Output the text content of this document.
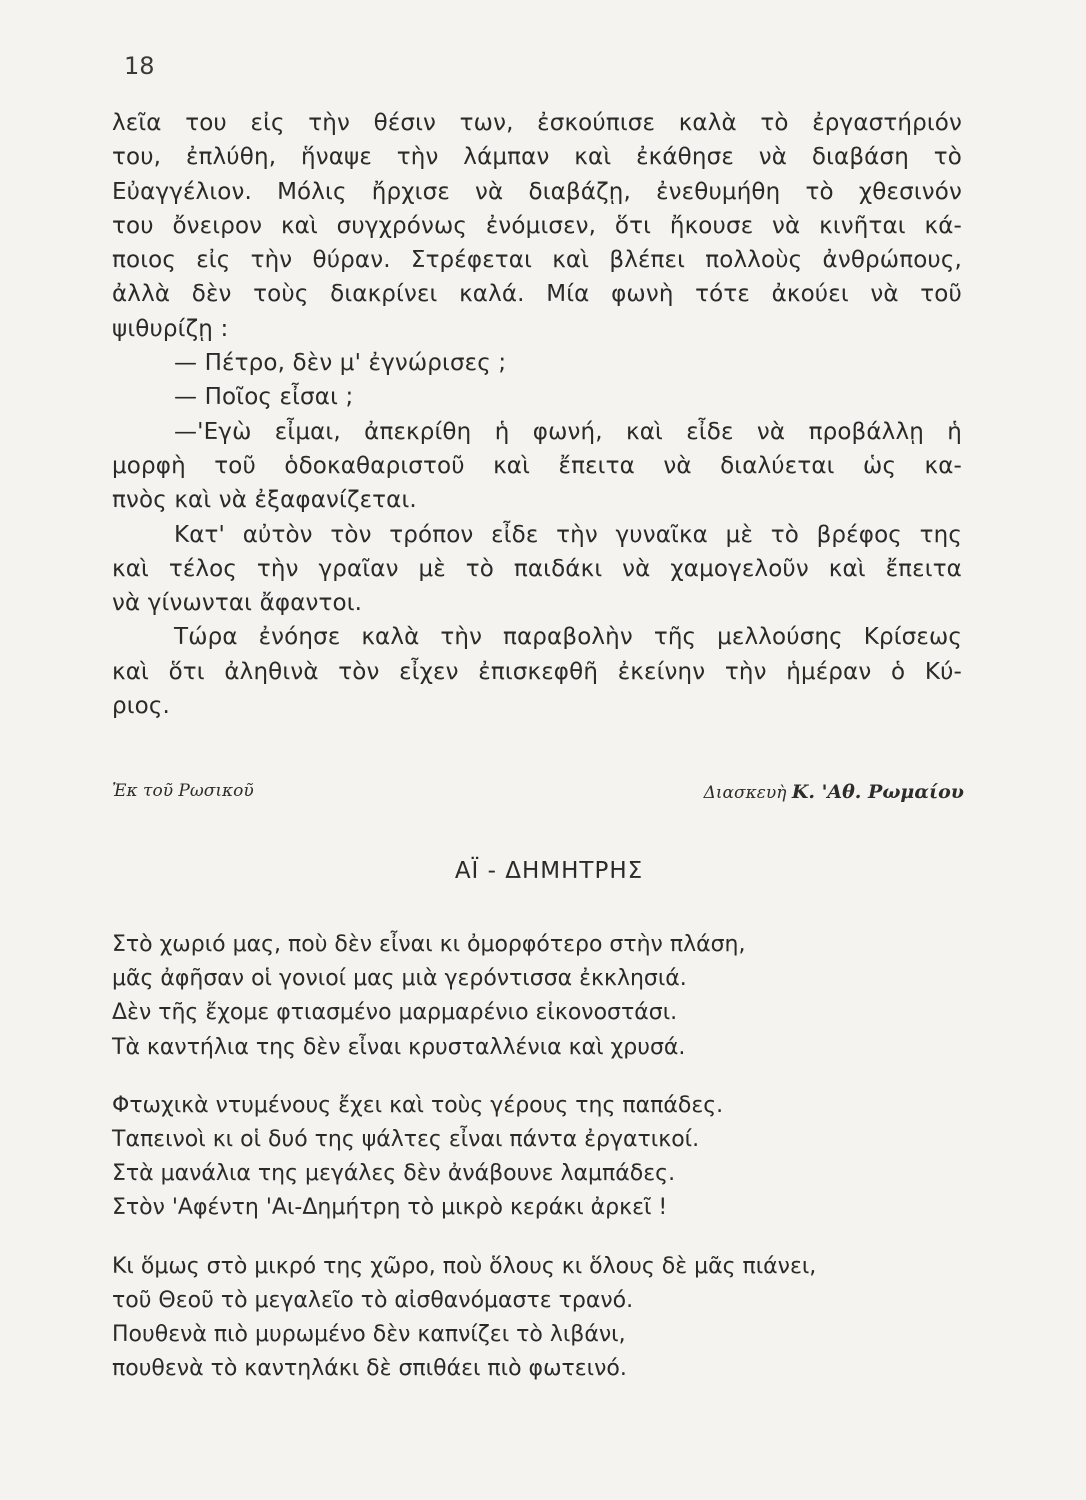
18
λεῖα του εἰς τὴν θέσιν των, ἐσκούπισε καλὰ τὸ ἐργαστήριόν
του, ἐπλύθη, ἥναψε τὴν λάμπαν καὶ ἐκάθησε νὰ διαβάση τὸ
Εὐαγγέλιον. Μόλις ἤρχισε νὰ διαβάζῃ, ἐνεθυμήθη τὸ χθεσινόν
του ὄνειρον καὶ συγχρόνως ἐνόμισεν, ὅτι ἤκουσε νὰ κινῆται κά-
ποιος εἰς τὴν θύραν. Στρέφεται καὶ βλέπει πολλοὺς ἀνθρώπους,
ἀλλὰ δὲν τοὺς διακρίνει καλά. Μία φωνὴ τότε ἀκούει νὰ τοῦ
ψιθυρίζῃ :
— Πέτρο, δὲν μ' ἐγνώρισες ;
— Ποῖος εἶσαι ;
—'Εγὼ εἶμαι, ἀπεκρίθη ἡ φωνή, καὶ εἶδε νὰ προβάλλῃ ἡ
μορφὴ τοῦ ὁδοκαθαριστοῦ καὶ ἔπειτα νὰ διαλύεται ὡς κα-
πνὸς καὶ νὰ ἐξαφανίζεται.
Κατ' αὐτὸν τὸν τρόπον εἶδε τὴν γυναῖκα μὲ τὸ βρέφος της
καὶ τέλος τὴν γραῖαν μὲ τὸ παιδάκι νὰ χαμογελοῦν καὶ ἔπειτα
νὰ γίνωνται ἄφαντοι.
Τώρα ἐνόησε καλὰ τὴν παραβολὴν τῆς μελλούσης Κρίσεως
καὶ ὅτι ἀληθινὰ τὸν εἶχεν ἐπισκεφθῆ ἐκείνην τὴν ἡμέραν ὁ Κύ-
ριος.
Ἐκ τοῦ Ρωσικοῦ	Διασκευὴ Κ. 'Αθ. Ρωμαίου
ΑΪ - ΔΗΜΗΤΡΗΣ
Στὸ χωριό μας, ποὺ δὲν εἶναι κι ὀμορφότερο στὴν πλάση,
μᾶς ἀφῆσαν οἱ γονιοί μας μιὰ γερόντισσα ἐκκλησιά.
Δὲν τῆς ἔχομε φτιασμένο μαρμαρένιο εἰκονοστάσι.
Τὰ καντήλια της δὲν εἶναι κρυσταλλένια καὶ χρυσά.
Φτωχικὰ ντυμένους ἔχει καὶ τοὺς γέρους της παπάδες.
Ταπεινοὶ κι οἱ δυό της ψάλτες εἶναι πάντα ἐργατικοί.
Στὰ μανάλια της μεγάλες δὲν ἀνάβουνε λαμπάδες.
Στὸν 'Αφέντη 'Αι-Δημήτρη τὸ μικρὸ κεράκι ἀρκεῖ !
Κι ὅμως στὸ μικρό της χῶρο, ποὺ ὅλους κι ὅλους δὲ μᾶς πιάνει,
τοῦ Θεοῦ τὸ μεγαλεῖο τὸ αἰσθανόμαστε τρανό.
Πουθενὰ πιὸ μυρωμένο δὲν καπνίζει τὸ λιβάνι,
πουθενὰ τὸ καντηλάκι δὲ σπιθάει πιὸ φωτεινό.
